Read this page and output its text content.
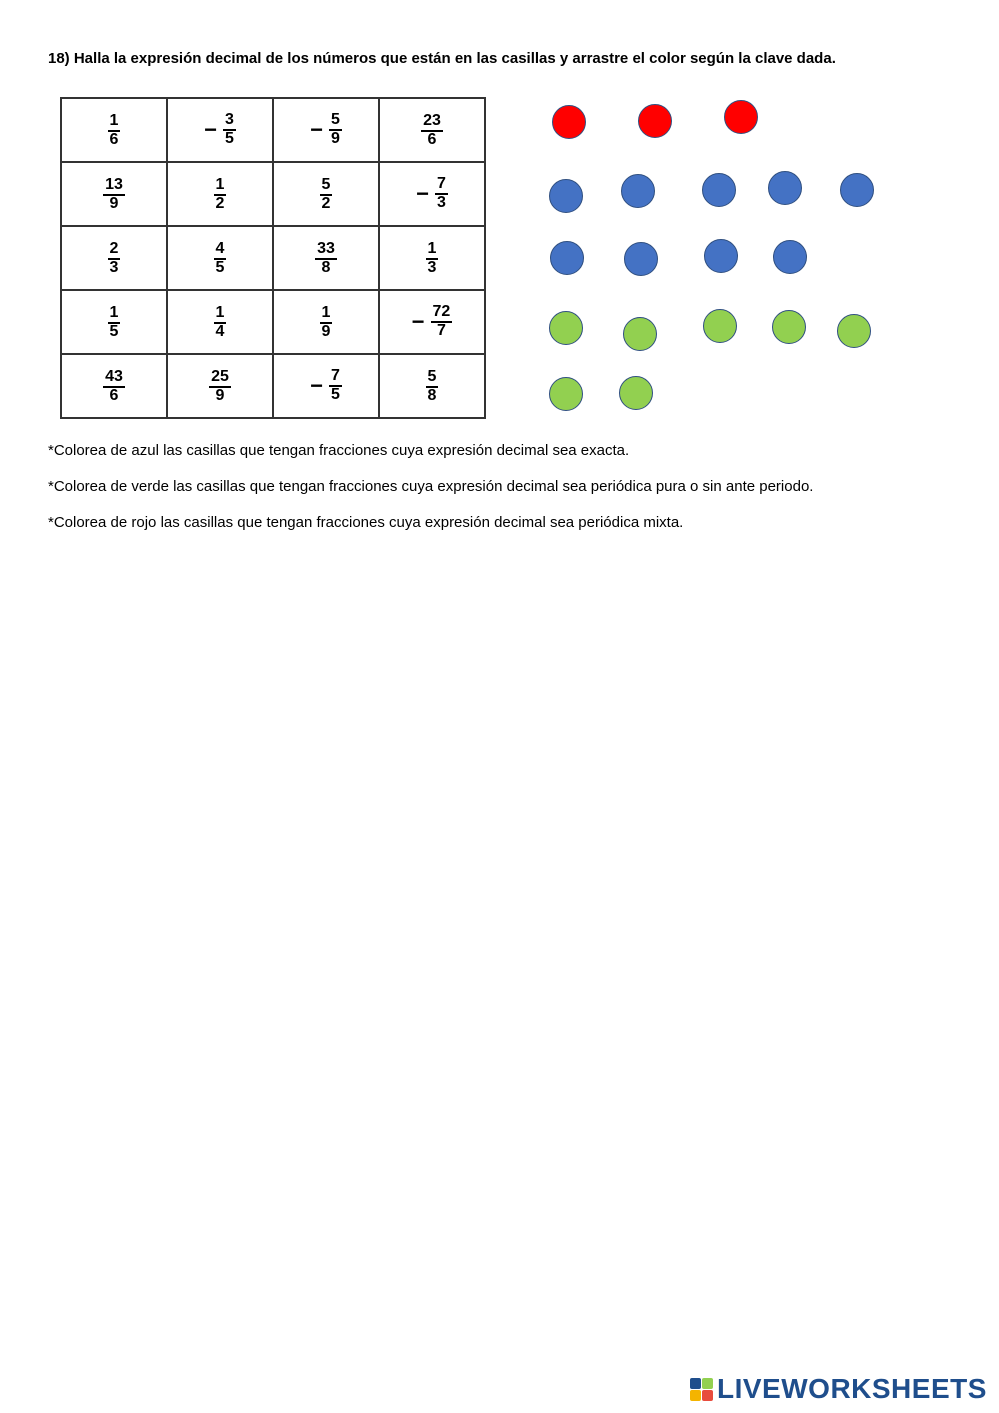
18) Halla la expresión decimal de los números que están en las casillas y arrastre el color según la clave dada.
$\frac{1}{6}$	− $\frac{3}{5}$	− $\frac{5}{9}$	$\frac{23}{6}$

$\frac{13}{9}$	$\frac{1}{2}$	$\frac{5}{2}$	− $\frac{7}{3}$

$\frac{2}{3}$	$\frac{4}{5}$	$\frac{33}{8}$	$\frac{1}{3}$

$\frac{1}{5}$	$\frac{1}{4}$	$\frac{1}{9}$	− $\frac{72}{7}$

$\frac{43}{6}$	$\frac{25}{9}$	− $\frac{7}{5}$	$\frac{5}{8}$
*Colorea de azul las casillas que tengan fracciones cuya expresión decimal sea exacta.
*Colorea de verde las casillas que tengan fracciones cuya expresión decimal sea periódica pura o sin ante periodo.
*Colorea de rojo las casillas que tengan fracciones cuya expresión decimal sea periódica mixta.
LIVEWORKSHEETS
